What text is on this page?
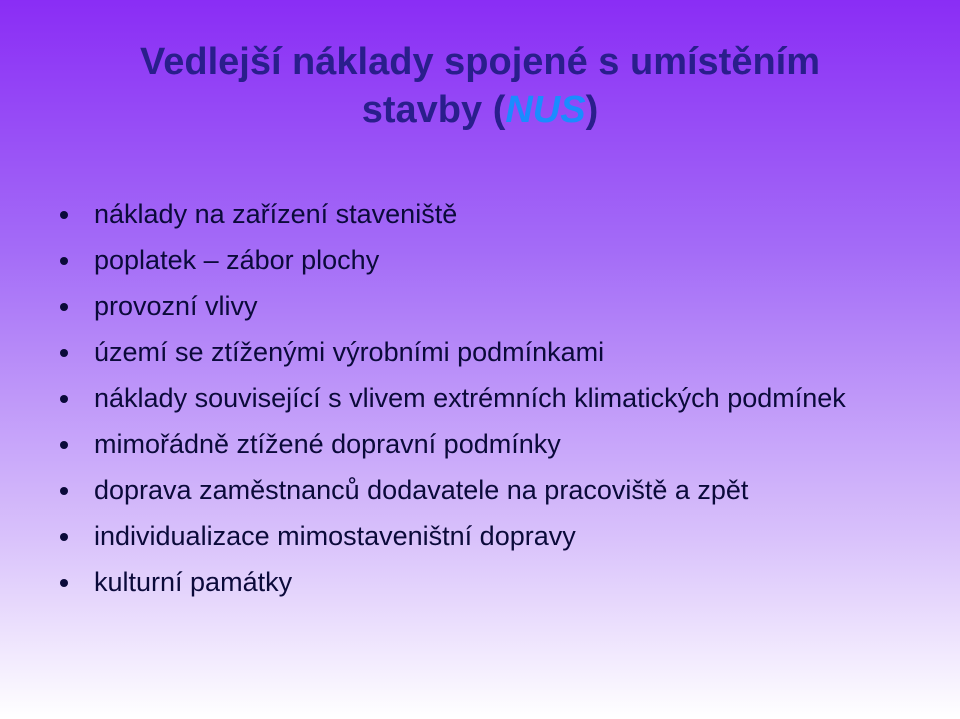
Vedlejší náklady spojené s umístěním
stavby (NUS)
náklady na zařízení staveniště
poplatek – zábor plochy
provozní vlivy
území se ztíženými výrobními podmínkami
náklady související s vlivem extrémních klimatických podmínek
mimořádně ztížené dopravní podmínky
doprava zaměstnanců dodavatele na pracoviště a zpět
individualizace mimostaveništní dopravy
kulturní památky
